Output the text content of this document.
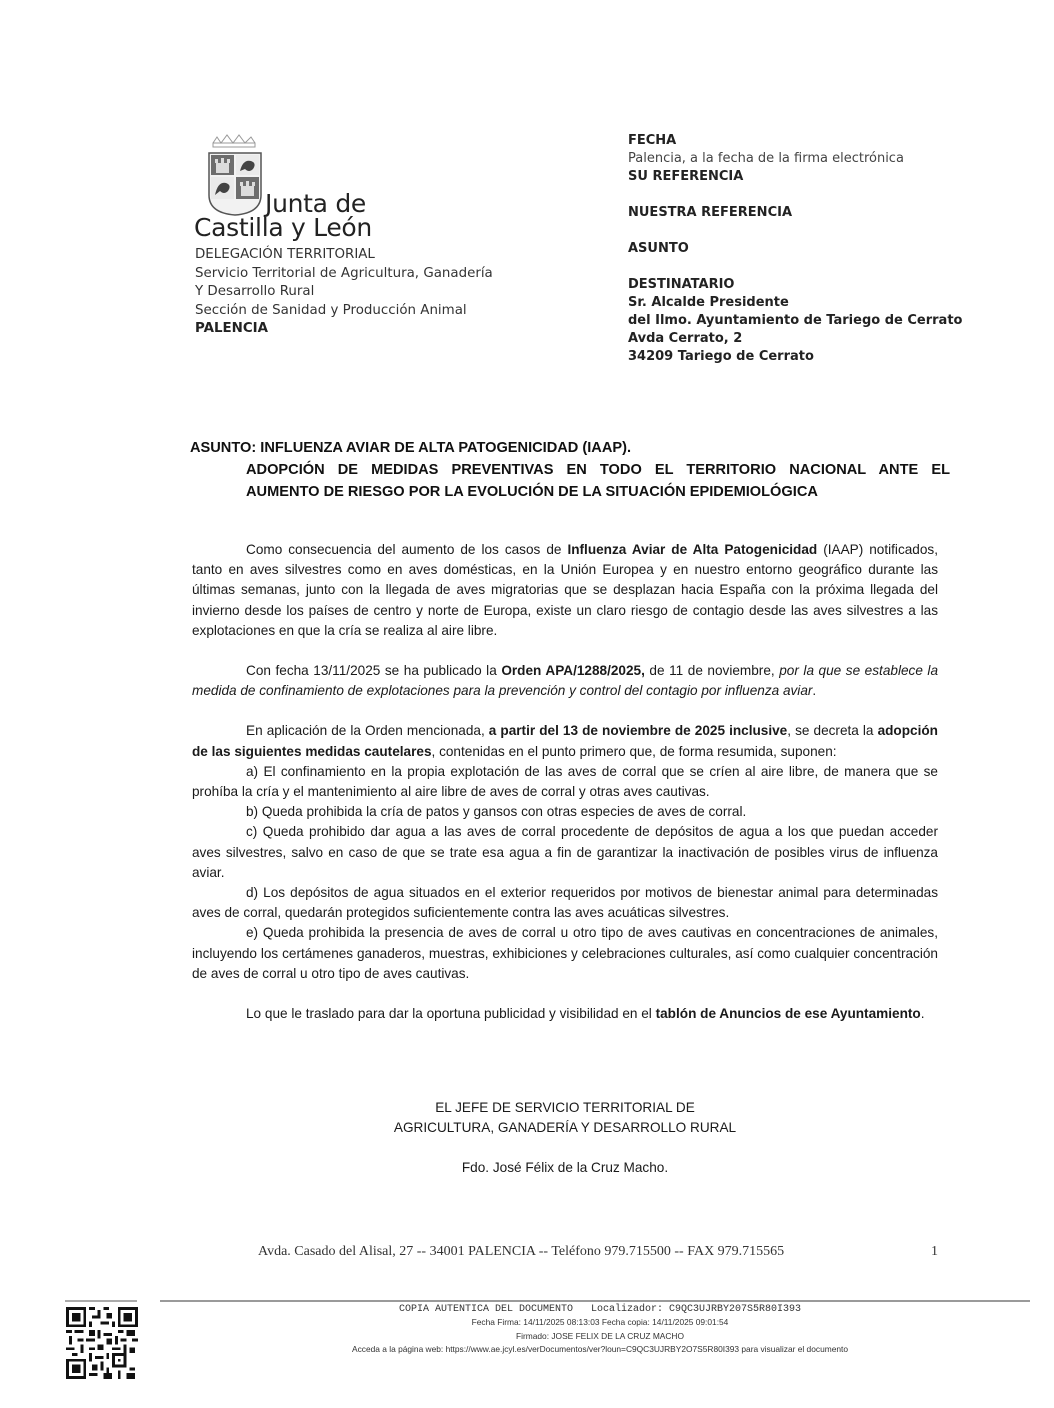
Junta de
Castilla y León
DELEGACIÓN TERRITORIAL
Servicio Territorial de Agricultura, Ganadería
Y Desarrollo Rural
Sección de Sanidad y Producción Animal
PALENCIA
FECHA
Palencia, a la fecha de la firma electrónica
SU REFERENCIA
NUESTRA REFERENCIA
ASUNTO
DESTINATARIO
Sr. Alcalde Presidente
del Ilmo. Ayuntamiento de Tariego de Cerrato
Avda Cerrato, 2
34209 Tariego de Cerrato
ASUNTO: INFLUENZA AVIAR DE ALTA PATOGENICIDAD (IAAP).
ADOPCIÓN DE MEDIDAS PREVENTIVAS EN TODO EL TERRITORIO NACIONAL ANTE EL
AUMENTO DE RIESGO POR LA EVOLUCIÓN DE LA SITUACIÓN EPIDEMIOLÓGICA

Como consecuencia del aumento de los casos de Influenza Aviar de Alta Patogenicidad (IAAP) notificados, tanto en aves silvestres como en aves domésticas, en la Unión Europea y en nuestro entorno geográfico durante las últimas semanas, junto con la llegada de aves migratorias que se desplazan hacia España con la próxima llegada del invierno desde los países de centro y norte de Europa, existe un claro riesgo de contagio desde las aves silvestres a las explotaciones en que la cría se realiza al aire libre.

Con fecha 13/11/2025 se ha publicado la Orden APA/1288/2025, de 11 de noviembre, por la que se establece la medida de confinamiento de explotaciones para la prevención y control del contagio por influenza aviar.

En aplicación de la Orden mencionada, a partir del 13 de noviembre de 2025 inclusive, se decreta la adopción de las siguientes medidas cautelares, contenidas en el punto primero que, de forma resumida, suponen:

a) El confinamiento en la propia explotación de las aves de corral que se críen al aire libre, de manera que se prohíba la cría y el mantenimiento al aire libre de aves de corral y otras aves cautivas.

b) Queda prohibida la cría de patos y gansos con otras especies de aves de corral.

c) Queda prohibido dar agua a las aves de corral procedente de depósitos de agua a los que puedan acceder aves silvestres, salvo en caso de que se trate esa agua a fin de garantizar la inactivación de posibles virus de influenza aviar.

d) Los depósitos de agua situados en el exterior requeridos por motivos de bienestar animal para determinadas aves de corral, quedarán protegidos suficientemente contra las aves acuáticas silvestres.

e) Queda prohibida la presencia de aves de corral u otro tipo de aves cautivas en concentraciones de animales, incluyendo los certámenes ganaderos, muestras, exhibiciones y celebraciones culturales, así como cualquier concentración de aves de corral u otro tipo de aves cautivas.

Lo que le traslado para dar la oportuna publicidad y visibilidad en el tablón de Anuncios de ese Ayuntamiento.

EL JEFE DE SERVICIO TERRITORIAL DE
AGRICULTURA, GANADERÍA Y DESARROLLO RURAL
Fdo. José Félix de la Cruz Macho.
Avda. Casado del Alisal, 27 -- 34001 PALENCIA -- Teléfono 979.715500 -- FAX 979.715565	1
COPIA AUTENTICA DEL DOCUMENTO Localizador: C9QC3UJRBY207S5R80I393
Fecha Firma: 14/11/2025 08:13:03 Fecha copia: 14/11/2025 09:01:54
Firmado: JOSE FELIX DE LA CRUZ MACHO
Acceda a la página web: https://www.ae.jcyl.es/verDocumentos/ver?loun=C9QC3UJRBY2O7S5R80I393 para visualizar el documento
